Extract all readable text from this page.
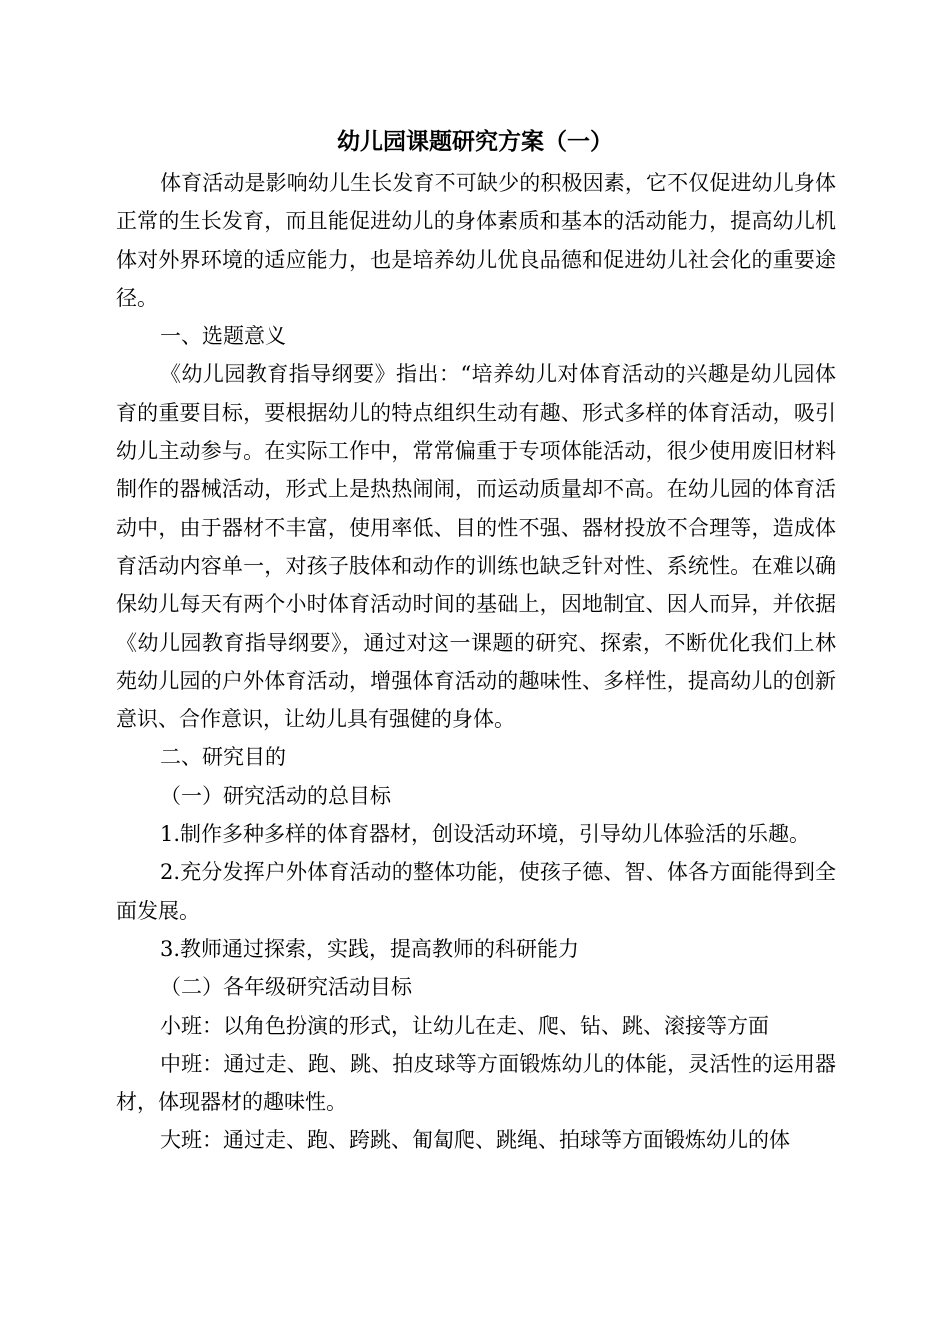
幼儿园课题研究方案（一）

体育活动是影响幼儿生长发育不可缺少的积极因素，它不仅促进幼儿身体正常的生长发育，而且能促进幼儿的身体素质和基本的活动能力，提高幼儿机体对外界环境的适应能力，也是培养幼儿优良品德和促进幼儿社会化的重要途径。

一、选题意义

《幼儿园教育指导纲要》指出：“培养幼儿对体育活动的兴趣是幼儿园体育的重要目标，要根据幼儿的特点组织生动有趣、形式多样的体育活动，吸引幼儿主动参与。在实际工作中，常常偏重于专项体能活动，很少使用废旧材料制作的器械活动，形式上是热热闹闹，而运动质量却不高。在幼儿园的体育活动中，由于器材不丰富，使用率低、目的性不强、器材投放不合理等，造成体育活动内容单一，对孩子肢体和动作的训练也缺乏针对性、系统性。在难以确保幼儿每天有两个小时体育活动时间的基础上，因地制宜、因人而异，并依据《幼儿园教育指导纲要》，通过对这一课题的研究、探索，不断优化我们上林苑幼儿园的户外体育活动，增强体育活动的趣味性、多样性，提高幼儿的创新意识、合作意识，让幼儿具有强健的身体。

二、研究目的

（一）研究活动的总目标

1.制作多种多样的体育器材，创设活动环境，引导幼儿体验活的乐趣。

2.充分发挥户外体育活动的整体功能，使孩子德、智、体各方面能得到全面发展。

3.教师通过探索，实践，提高教师的科研能力

（二）各年级研究活动目标

小班：以角色扮演的形式，让幼儿在走、爬、钻、跳、滚接等方面

中班：通过走、跑、跳、拍皮球等方面锻炼幼儿的体能，灵活性的运用器材，体现器材的趣味性。

大班：通过走、跑、跨跳、匍匐爬、跳绳、拍球等方面锻炼幼儿的体
